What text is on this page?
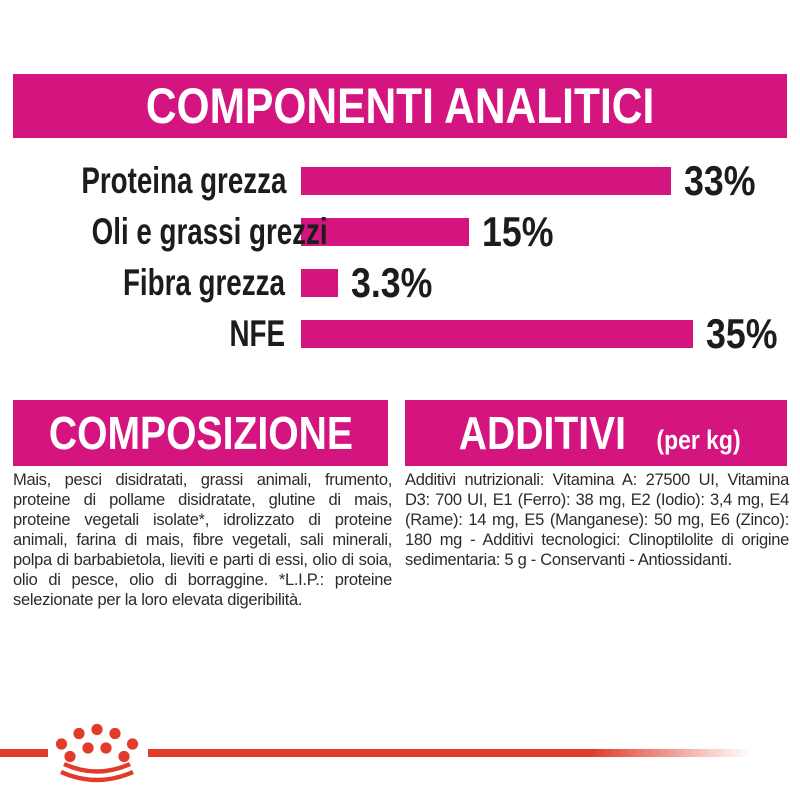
COMPONENTI ANALITICI
Proteina grezza	33%
Oli e grassi grezzi	15%
Fibra grezza 3.3%
NFE	35%
COMPOSIZIONE ADDITIVI (per kg)
Mais, pesci disidratati, grassi animali, frumento, proteine di pollame disidratate, glutine di mais, proteine vegetali isolate*, idrolizzato di proteine animali, farina di mais, fibre vegetali, sali minerali, polpa di barbabietola, lieviti e parti di essi, olio di soia, olio di pesce, olio di borraggine. *L.I.P.: proteine selezionate per la loro elevata digeribilità.
Additivi nutrizionali: Vitamina A: 27500 UI, Vitamina D3: 700 UI, E1 (Ferro): 38 mg, E2 (Iodio): 3,4 mg, E4 (Rame): 14 mg, E5 (Manganese): 50 mg, E6 (Zinco): 180 mg - Additivi tecnologici: Clinoptilolite di origine sedimentaria: 5 g - Conservanti - Antiossidanti.
